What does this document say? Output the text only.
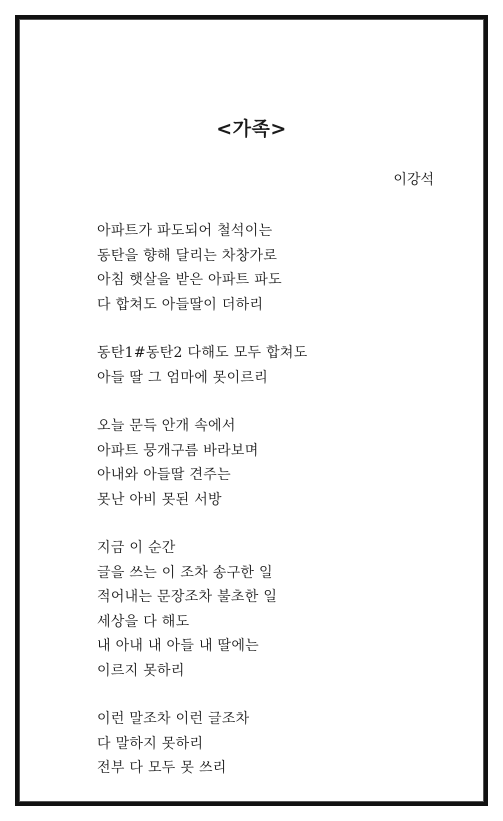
<가족>
이강석
아파트가 파도되어 철석이는
동탄을 향해 달리는 차창가로
아침 햇살을 받은 아파트 파도
다 합쳐도 아들딸이 더하리
동탄1#동탄2 다해도 모두 합쳐도
아들 딸 그 엄마에 못이르리
오늘 문득 안개 속에서
아파트 뭉개구름 바라보며
아내와 아들딸 견주는
못난 아비 못된 서방
지금 이 순간
글을 쓰는 이 조차 송구한 일
적어내는 문장조차 불초한 일
세상을 다 해도
내 아내 내 아들 내 딸에는
이르지 못하리
이런 말조차 이런 글조차
다 말하지 못하리
전부 다 모두 못 쓰리
